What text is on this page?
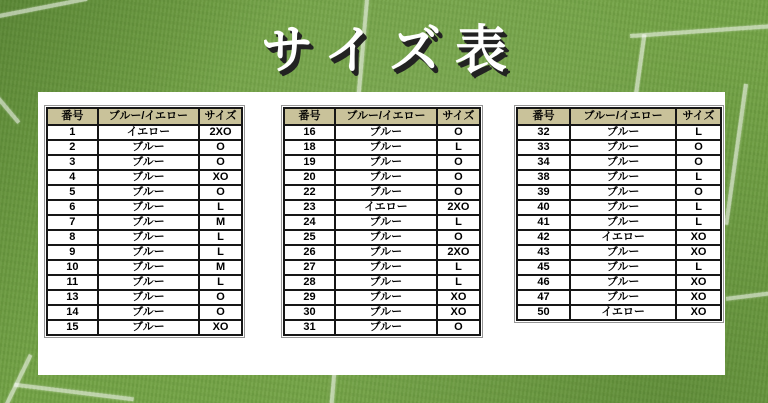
サイズ表
番号	ブルー/イエロー	サイズ
1	イエロー	2XO
2	ブルー	O
3	ブルー	O
4	ブルー	XO
5	ブルー	O
6	ブルー	L
7	ブルー	M
8	ブルー	L
9	ブルー	L
10	ブルー	M
11	ブルー	L
13	ブルー	O
14	ブルー	O
15	ブルー	XO
番号	ブルー/イエロー	サイズ
16	ブルー	O
18	ブルー	L
19	ブルー	O
20	ブルー	O
22	ブルー	O
23	イエロー	2XO
24	ブルー	L
25	ブルー	O
26	ブルー	2XO
27	ブルー	L
28	ブルー	L
29	ブルー	XO
30	ブルー	XO
31	ブルー	O
番号	ブルー/イエロー	サイズ
32	ブルー	L
33	ブルー	O
34	ブルー	O
38	ブルー	L
39	ブルー	O
40	ブルー	L
41	ブルー	L
42	イエロー	XO
43	ブルー	XO
45	ブルー	L
46	ブルー	XO
47	ブルー	XO
50	イエロー	XO
